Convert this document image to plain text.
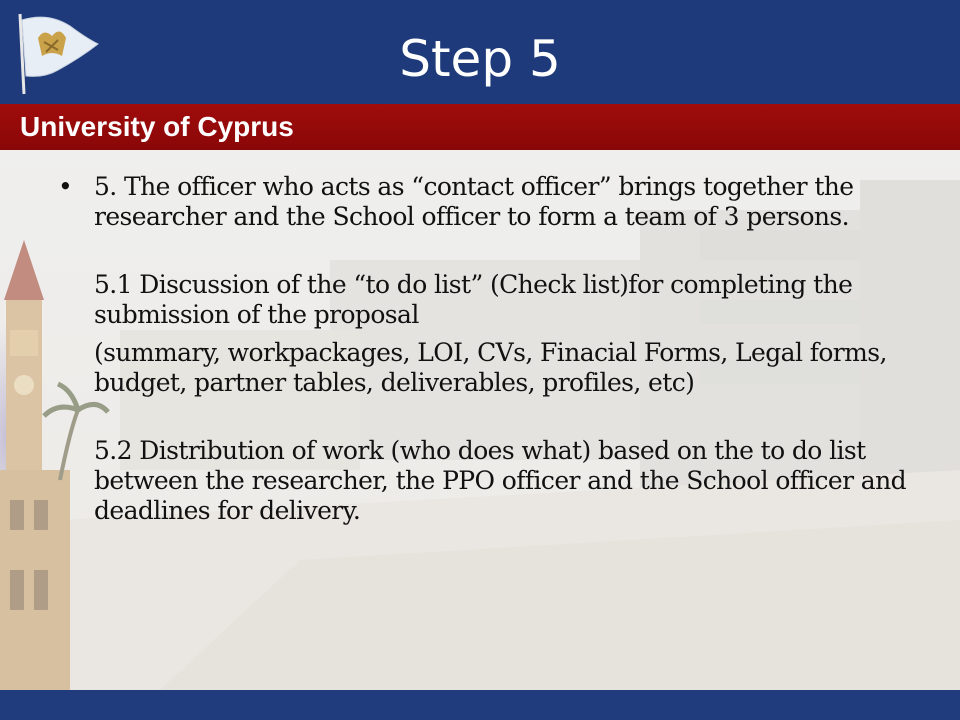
Step 5
University of Cyprus

• 5. The officer who acts as “contact officer” brings together the researcher and the School officer to form a team of 3 persons.

5.1 Discussion of the “to do list” (Check list)for completing the submission of the proposal

(summary, workpackages, LOI, CVs, Finacial Forms, Legal forms, budget, partner tables, deliverables, profiles, etc)

5.2 Distribution of work (who does what) based on the to do list between the researcher, the PPO officer and the School officer and deadlines for delivery.
